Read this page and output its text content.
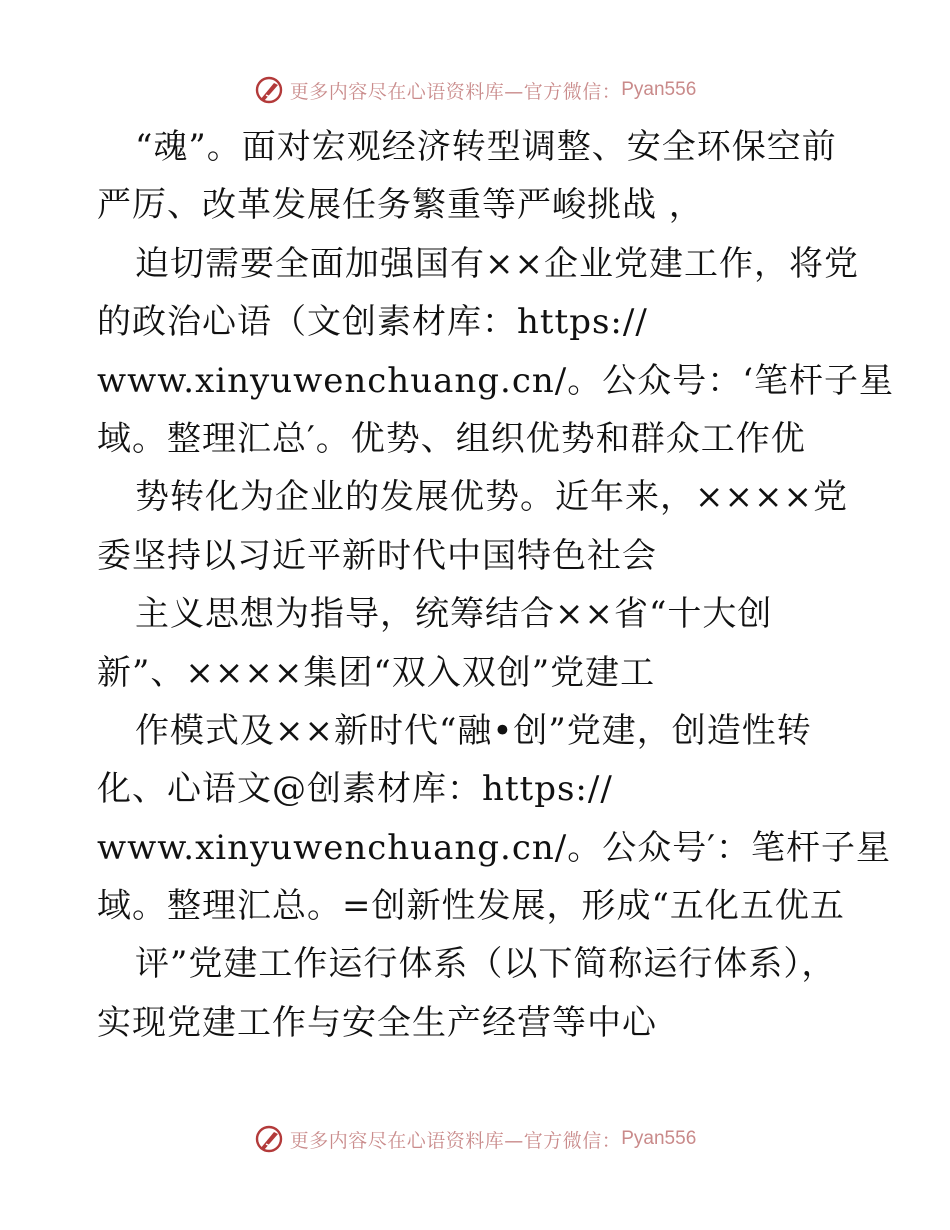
更多内容尽在心语资料库—官方微信： Pyan556
“魂”。面对宏观经济转型调整、安全环保空前
严厉、改革发展任务繁重等严峻挑战 ，
迫切需要全面加强国有××企业党建工作，将党
的政治心语（文创素材库：https://
www.xinyuwenchuang.cn/。公众号：‘笔杆子星
域。整理汇总′。优势、组织优势和群众工作优
势转化为企业的发展优势。近年来，××××党
委坚持以习近平新时代中国特色社会
主义思想为指导，统筹结合××省“十大创
新”、××××集团“双入双创”党建工
作模式及××新时代“融•创”党建，创造性转
化、心语文@创素材库：https://
www.xinyuwenchuang.cn/。公众号′：笔杆子星
域。整理汇总。=创新性发展，形成“五化五优五
评”党建工作运行体系（以下简称运行体系），
实现党建工作与安全生产经营等中心
更多内容尽在心语资料库—官方微信： Pyan556
